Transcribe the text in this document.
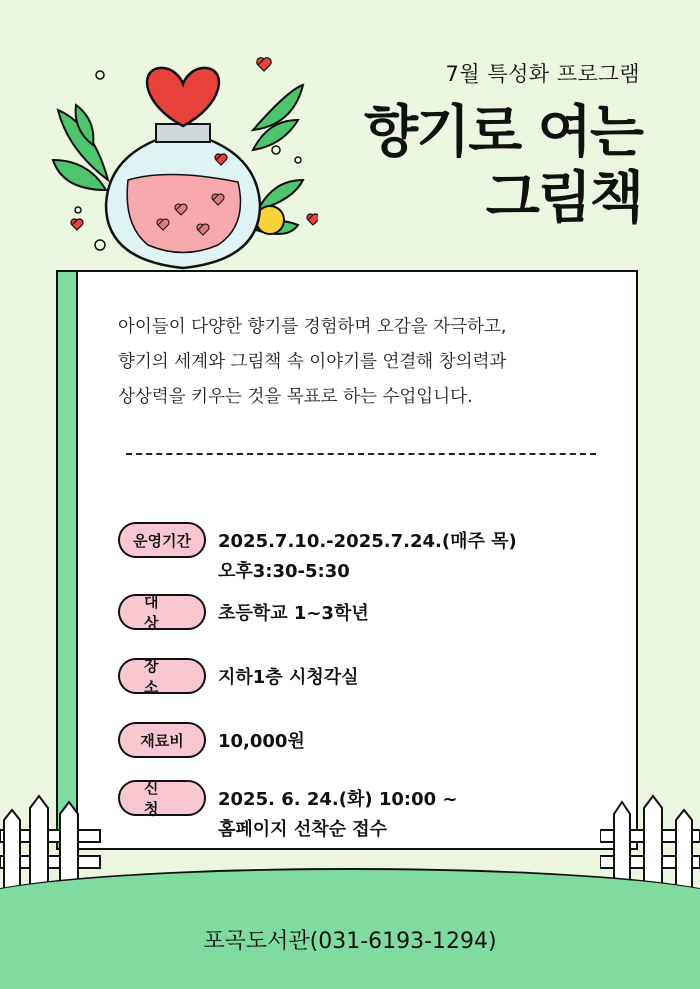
7월 특성화 프로그램
향기로 여는
그림책
아이들이 다양한 향기를 경험하며 오감을 자극하고,
향기의 세계와 그림책 속 이야기를 연결해 창의력과
상상력을 키우는 것을 목표로 하는 수업입니다.
운영기간	2025.7.10.-2025.7.24.(매주 목)
오후3:30-5:30
대 상	초등학교 1~3학년
장 소	지하1층 시청각실
재료비	10,000원
신 청	2025. 6. 24.(화) 10:00 ~
홈페이지 선착순 접수
포곡도서관(031-6193-1294)
